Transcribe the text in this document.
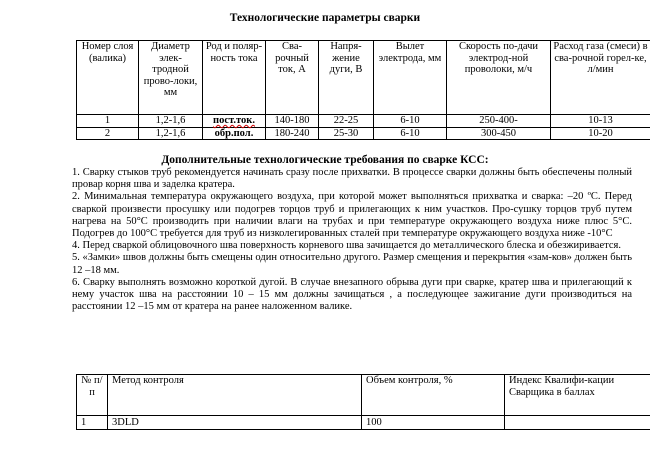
Технологические параметры сварки
Номер слоя (валика)	Диаметр элек-тродной прово-локи, мм	Род и поляр-ность тока	Сва-рочный ток, А	Напря-жение дуги, В	Вылет электрода, мм	Скорость по-дачи электрод-ной проволоки, м/ч	Расход газа (смеси) в сва-рочной горел-ке, л/мин
1	1,2-1,6	пост.ток.	140-180	22-25	6-10	250-400-	10-13
2	1,2-1,6	обр.пол.	180-240	25-30	6-10	300-450	10-20
Дополнительные технологические требования по сварке КСС:

1. Сварку стыков труб рекомендуется начинать сразу после прихватки. В процессе сварки должны быть обеспечены полный провар корня шва и заделка кратера.

2. Минимальная температура окружающего воздуха, при которой может выполняться прихватка и сварка: –20 ºС. Перед сваркой произвести просушку или подогрев торцов труб и прилегающих к ним участков. Про-сушку торцов труб путем нагрева на 50°С производить при наличии влаги на трубах и при температуре окружающего воздуха ниже плюс 5°С. Подогрев до 100°С требуется для труб из низколегированных сталей при температуре окружающего воздуха ниже -10°С

4. Перед сваркой облицовочного шва поверхность корневого шва зачищается до металлического блеска и обезжиривается.

5. «Замки» швов должны быть смещены один относительно другого. Размер смещения и перекрытия «зам-ков» должен быть 12 –18 мм.

6. Сварку выполнять возможно короткой дугой. В случае внезапного обрыва дуги при сварке, кратер шва и прилегающий к нему участок шва на расстоянии 10 – 15 мм должны зачищаться , а последующее зажигание дуги производиться на расстоянии 12 –15 мм от кратера на ранее наложенном валике.

№ п/п	Метод контроля	Объем контроля, %	Индекс Квалифи-кации Сварщика в баллах
1	3DLD	100	
